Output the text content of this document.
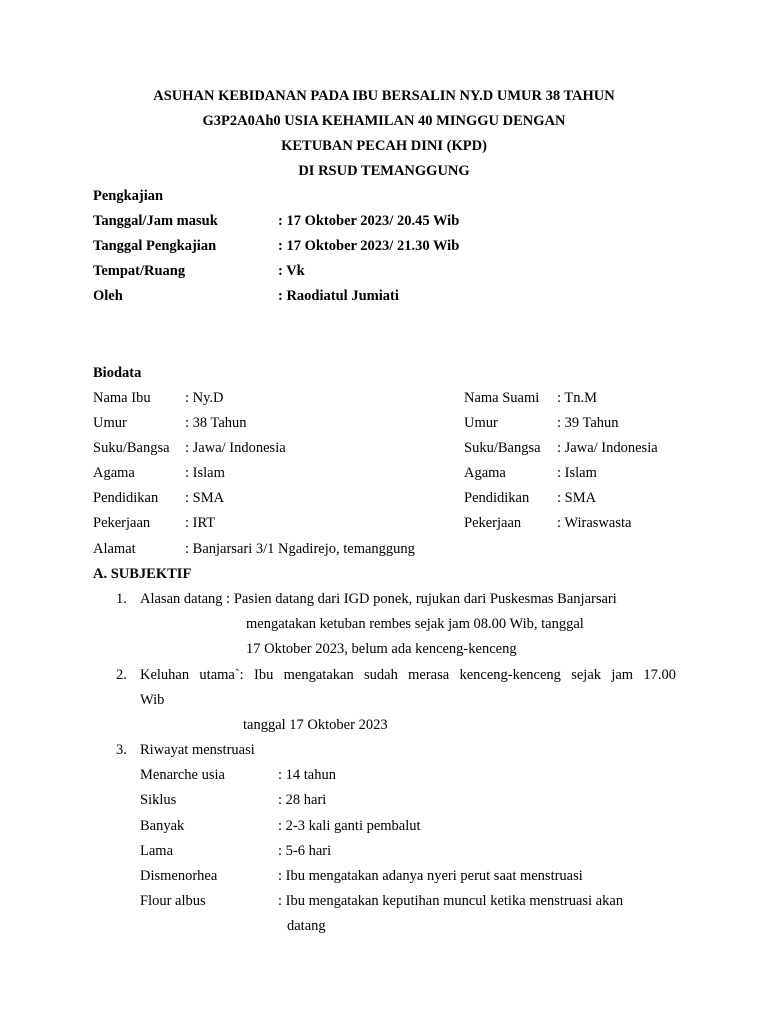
ASUHAN KEBIDANAN PADA IBU BERSALIN NY.D UMUR 38 TAHUN
G3P2A0Ah0 USIA KEHAMILAN 40 MINGGU DENGAN
KETUBAN PECAH DINI (KPD)
DI RSUD TEMANGGUNG
Pengkajian
Tanggal/Jam masuk	: 17 Oktober 2023/ 20.45 Wib
Tanggal Pengkajian	: 17 Oktober 2023/ 21.30 Wib
Tempat/Ruang	: Vk
Oleh	: Raodiatul Jumiati
Biodata
Nama Ibu : Ny.D	Nama Suami : Tn.M
Umur	: 38 Tahun	Umur	: 39 Tahun
Suku/Bangsa : Jawa/ Indonesia	Suku/Bangsa : Jawa/ Indonesia
Agama	: Islam	Agama	: Islam
Pendidikan : SMA	Pendidikan : SMA
Pekerjaan : IRT	Pekerjaan : Wiraswasta
Alamat	: Banjarsari 3/1 Ngadirejo, temanggung
A. SUBJEKTIF
1. Alasan datang : Pasien datang dari IGD ponek, rujukan dari Puskesmas Banjarsari
mengatakan ketuban rembes sejak jam 08.00 Wib, tanggal
17 Oktober 2023, belum ada kenceng-kenceng
2. Keluhan utama`: Ibu mengatakan sudah merasa kenceng-kenceng sejak jam 17.00
Wib
tanggal 17 Oktober 2023
3. Riwayat menstruasi
Menarche usia	: 14 tahun
Siklus	: 28 hari
Banyak	: 2-3 kali ganti pembalut
Lama	: 5-6 hari
Dismenorhea	: Ibu mengatakan adanya nyeri perut saat menstruasi
Flour albus	: Ibu mengatakan keputihan muncul ketika menstruasi akan
datang
